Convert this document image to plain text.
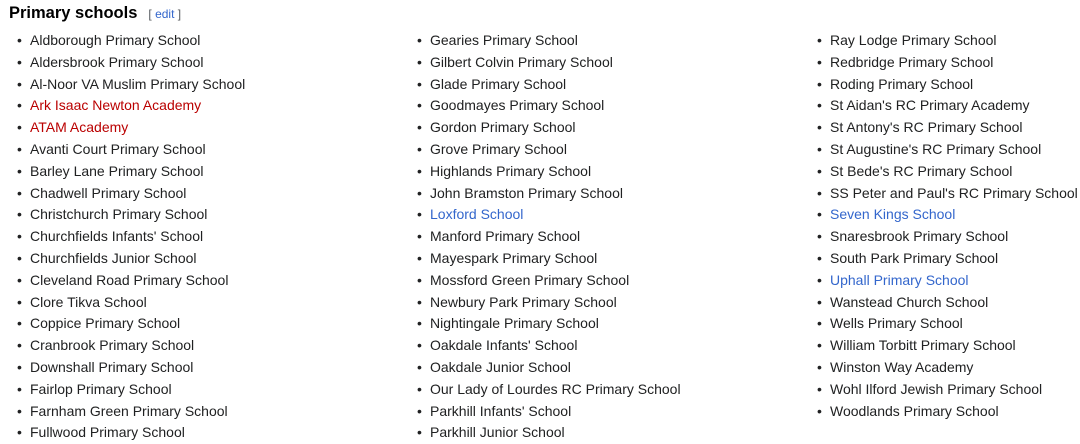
Primary schools [ edit ]
• Aldborough Primary School
• Aldersbrook Primary School
• Al-Noor VA Muslim Primary School
• Ark Isaac Newton Academy
• ATAM Academy
• Avanti Court Primary School
• Barley Lane Primary School
• Chadwell Primary School
• Christchurch Primary School
• Churchfields Infants' School
• Churchfields Junior School
• Cleveland Road Primary School
• Clore Tikva School
• Coppice Primary School
• Cranbrook Primary School
• Downshall Primary School
• Fairlop Primary School
• Farnham Green Primary School
• Fullwood Primary School
• Gearies Primary School
• Gilbert Colvin Primary School
• Glade Primary School
• Goodmayes Primary School
• Gordon Primary School
• Grove Primary School
• Highlands Primary School
• John Bramston Primary School
• Loxford School
• Manford Primary School
• Mayespark Primary School
• Mossford Green Primary School
• Newbury Park Primary School
• Nightingale Primary School
• Oakdale Infants' School
• Oakdale Junior School
• Our Lady of Lourdes RC Primary School
• Parkhill Infants' School
• Parkhill Junior School
• Ray Lodge Primary School
• Redbridge Primary School
• Roding Primary School
• St Aidan's RC Primary Academy
• St Antony's RC Primary School
• St Augustine's RC Primary School
• St Bede's RC Primary School
• SS Peter and Paul's RC Primary School
• Seven Kings School
• Snaresbrook Primary School
• South Park Primary School
• Uphall Primary School
• Wanstead Church School
• Wells Primary School
• William Torbitt Primary School
• Winston Way Academy
• Wohl Ilford Jewish Primary School
• Woodlands Primary School
